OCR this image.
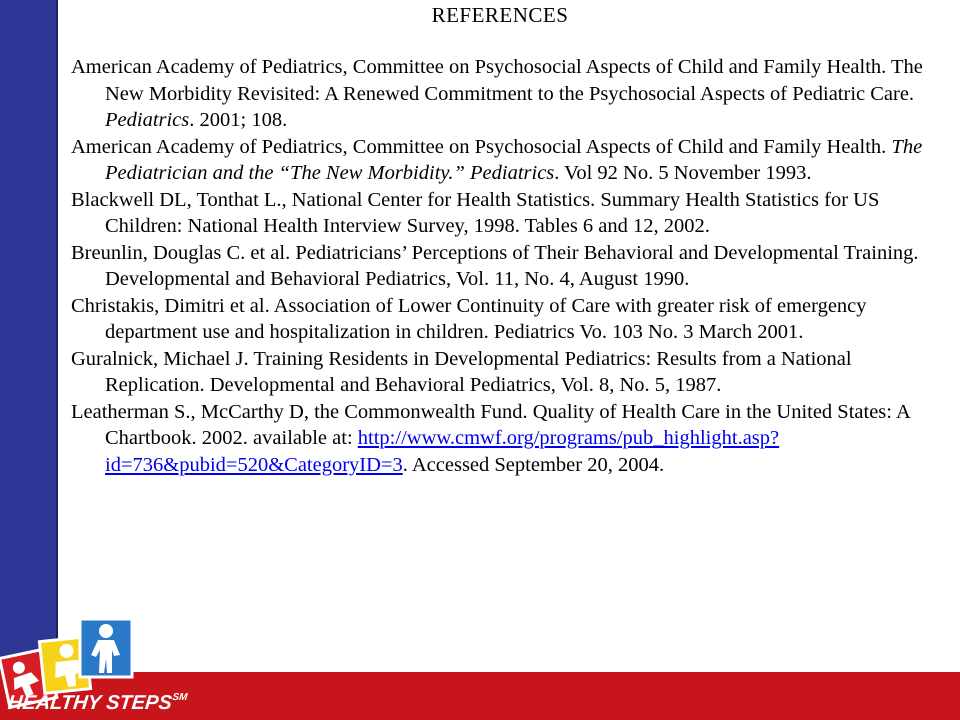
REFERENCES

American Academy of Pediatrics, Committee on Psychosocial Aspects of Child and Family Health. The New Morbidity Revisited: A Renewed Commitment to the Psychosocial Aspects of Pediatric Care. Pediatrics. 2001; 108.

American Academy of Pediatrics, Committee on Psychosocial Aspects of Child and Family Health. The Pediatrician and the “The New Morbidity.” Pediatrics. Vol 92 No. 5 November 1993.

Blackwell DL, Tonthat L., National Center for Health Statistics. Summary Health Statistics for US Children: National Health Interview Survey, 1998. Tables 6 and 12, 2002.

Breunlin, Douglas C. et al. Pediatricians’ Perceptions of Their Behavioral and Developmental Training. Developmental and Behavioral Pediatrics, Vol. 11, No. 4, August 1990.

Christakis, Dimitri et al. Association of Lower Continuity of Care with greater risk of emergency department use and hospitalization in children. Pediatrics Vo. 103 No. 3 March 2001.

Guralnick, Michael J. Training Residents in Developmental Pediatrics: Results from a National Replication. Developmental and Behavioral Pediatrics, Vol. 8, No. 5, 1987.

Leatherman S., McCarthy D, the Commonwealth Fund. Quality of Health Care in the United States: A Chartbook. 2002. available at: http://www.cmwf.org/programs/pub_highlight.asp?id=736&pubid=520&CategoryID=3. Accessed September 20, 2004.

HEALTHY STEPS℠
